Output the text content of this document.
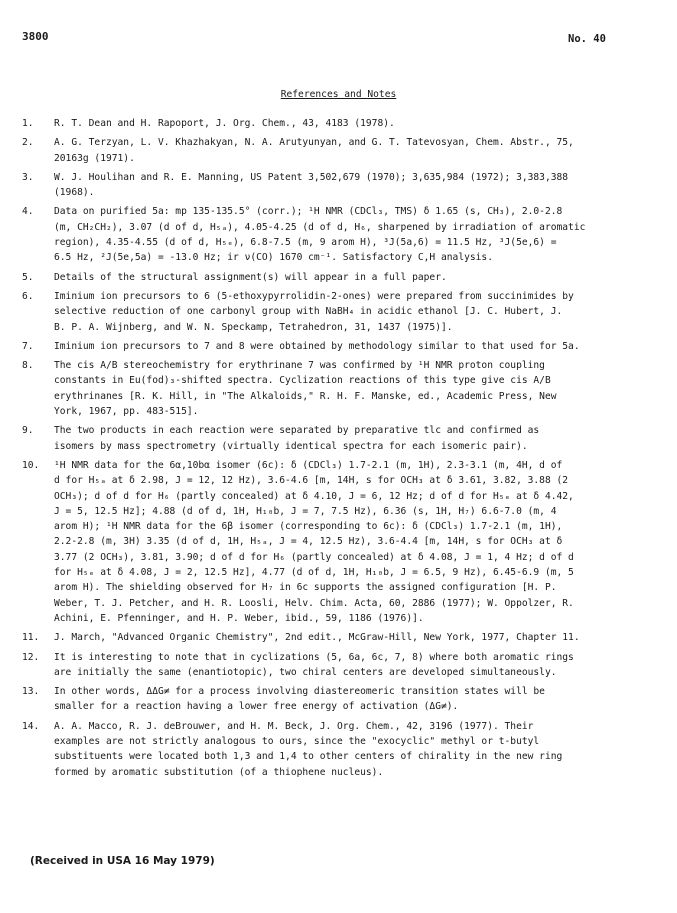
3800	No. 40
References and Notes
1.	R. T. Dean and H. Rapoport, J. Org. Chem., 43, 4183 (1978).
2.	A. G. Terzyan, L. V. Khazhakyan, N. A. Arutyunyan, and G. T. Tatevosyan, Chem. Abstr., 75,
20163g (1971).
3.	W. J. Houlihan and R. E. Manning, US Patent 3,502,679 (1970); 3,635,984 (1972); 3,383,388
(1968).
4.	Data on purified 5a: mp 135-135.5° (corr.); ¹H NMR (CDCl₃, TMS) δ 1.65 (s, CH₃), 2.0-2.8
(m, CH₂CH₂), 3.07 (d of d, H₅ₐ), 4.05-4.25 (d of d, H₆, sharpened by irradiation of aromatic
region), 4.35-4.55 (d of d, H₅ₑ), 6.8-7.5 (m, 9 arom H), ³J(5a,6) = 11.5 Hz, ³J(5e,6) =
6.5 Hz, ²J(5e,5a) = -13.0 Hz; ir ν(CO) 1670 cm⁻¹. Satisfactory C,H analysis.
5.	Details of the structural assignment(s) will appear in a full paper.
6.	Iminium ion precursors to 6 (5-ethoxypyrrolidin-2-ones) were prepared from succinimides by
selective reduction of one carbonyl group with NaBH₄ in acidic ethanol [J. C. Hubert, J.
B. P. A. Wijnberg, and W. N. Speckamp, Tetrahedron, 31, 1437 (1975)].
7.	Iminium ion precursors to 7 and 8 were obtained by methodology similar to that used for 5a.
8.	The cis A/B stereochemistry for erythrinane 7 was confirmed by ¹H NMR proton coupling
constants in Eu(fod)₃-shifted spectra. Cyclization reactions of this type give cis A/B
erythrinanes [R. K. Hill, in "The Alkaloids," R. H. F. Manske, ed., Academic Press, New
York, 1967, pp. 483-515].
9.	The two products in each reaction were separated by preparative tlc and confirmed as
isomers by mass spectrometry (virtually identical spectra for each isomeric pair).
10. ¹H NMR data for the 6α,10bα isomer (6c): δ (CDCl₃) 1.7-2.1 (m, 1H), 2.3-3.1 (m, 4H, d of
d for H₅ₐ at δ 2.98, J = 12, 12 Hz), 3.6-4.6 [m, 14H, s for OCH₃ at δ 3.61, 3.82, 3.88 (2
OCH₃); d of d for H₆ (partly concealed) at δ 4.10, J = 6, 12 Hz; d of d for H₅ₑ at δ 4.42,
J = 5, 12.5 Hz]; 4.88 (d of d, 1H, H₁₀b, J = 7, 7.5 Hz), 6.36 (s, 1H, H₇) 6.6-7.0 (m, 4
arom H); ¹H NMR data for the 6β isomer (corresponding to 6c): δ (CDCl₃) 1.7-2.1 (m, 1H),
2.2-2.8 (m, 3H) 3.35 (d of d, 1H, H₅ₐ, J = 4, 12.5 Hz), 3.6-4.4 [m, 14H, s for OCH₃ at δ
3.77 (2 OCH₃), 3.81, 3.90; d of d for H₆ (partly concealed) at δ 4.08, J = 1, 4 Hz; d of d
for H₅ₑ at δ 4.08, J = 2, 12.5 Hz], 4.77 (d of d, 1H, H₁₀b, J = 6.5, 9 Hz), 6.45-6.9 (m, 5
arom H). The shielding observed for H₇ in 6c supports the assigned configuration [H. P.
Weber, T. J. Petcher, and H. R. Loosli, Helv. Chim. Acta, 60, 2886 (1977); W. Oppolzer, R.
Achini, E. Pfenninger, and H. P. Weber, ibid., 59, 1186 (1976)].
11. J. March, "Advanced Organic Chemistry", 2nd edit., McGraw-Hill, New York, 1977, Chapter 11.
12. It is interesting to note that in cyclizations (5, 6a, 6c, 7, 8) where both aromatic rings
are initially the same (enantiotopic), two chiral centers are developed simultaneously.
13. In other words, ΔΔG≠ for a process involving diastereomeric transition states will be
smaller for a reaction having a lower free energy of activation (ΔG≠).
14. A. A. Macco, R. J. deBrouwer, and H. M. Beck, J. Org. Chem., 42, 3196 (1977). Their
examples are not strictly analogous to ours, since the "exocyclic" methyl or t-butyl
substituents were located both 1,3 and 1,4 to other centers of chirality in the new ring
formed by aromatic substitution (of a thiophene nucleus).
(Received in USA 16 May 1979)
